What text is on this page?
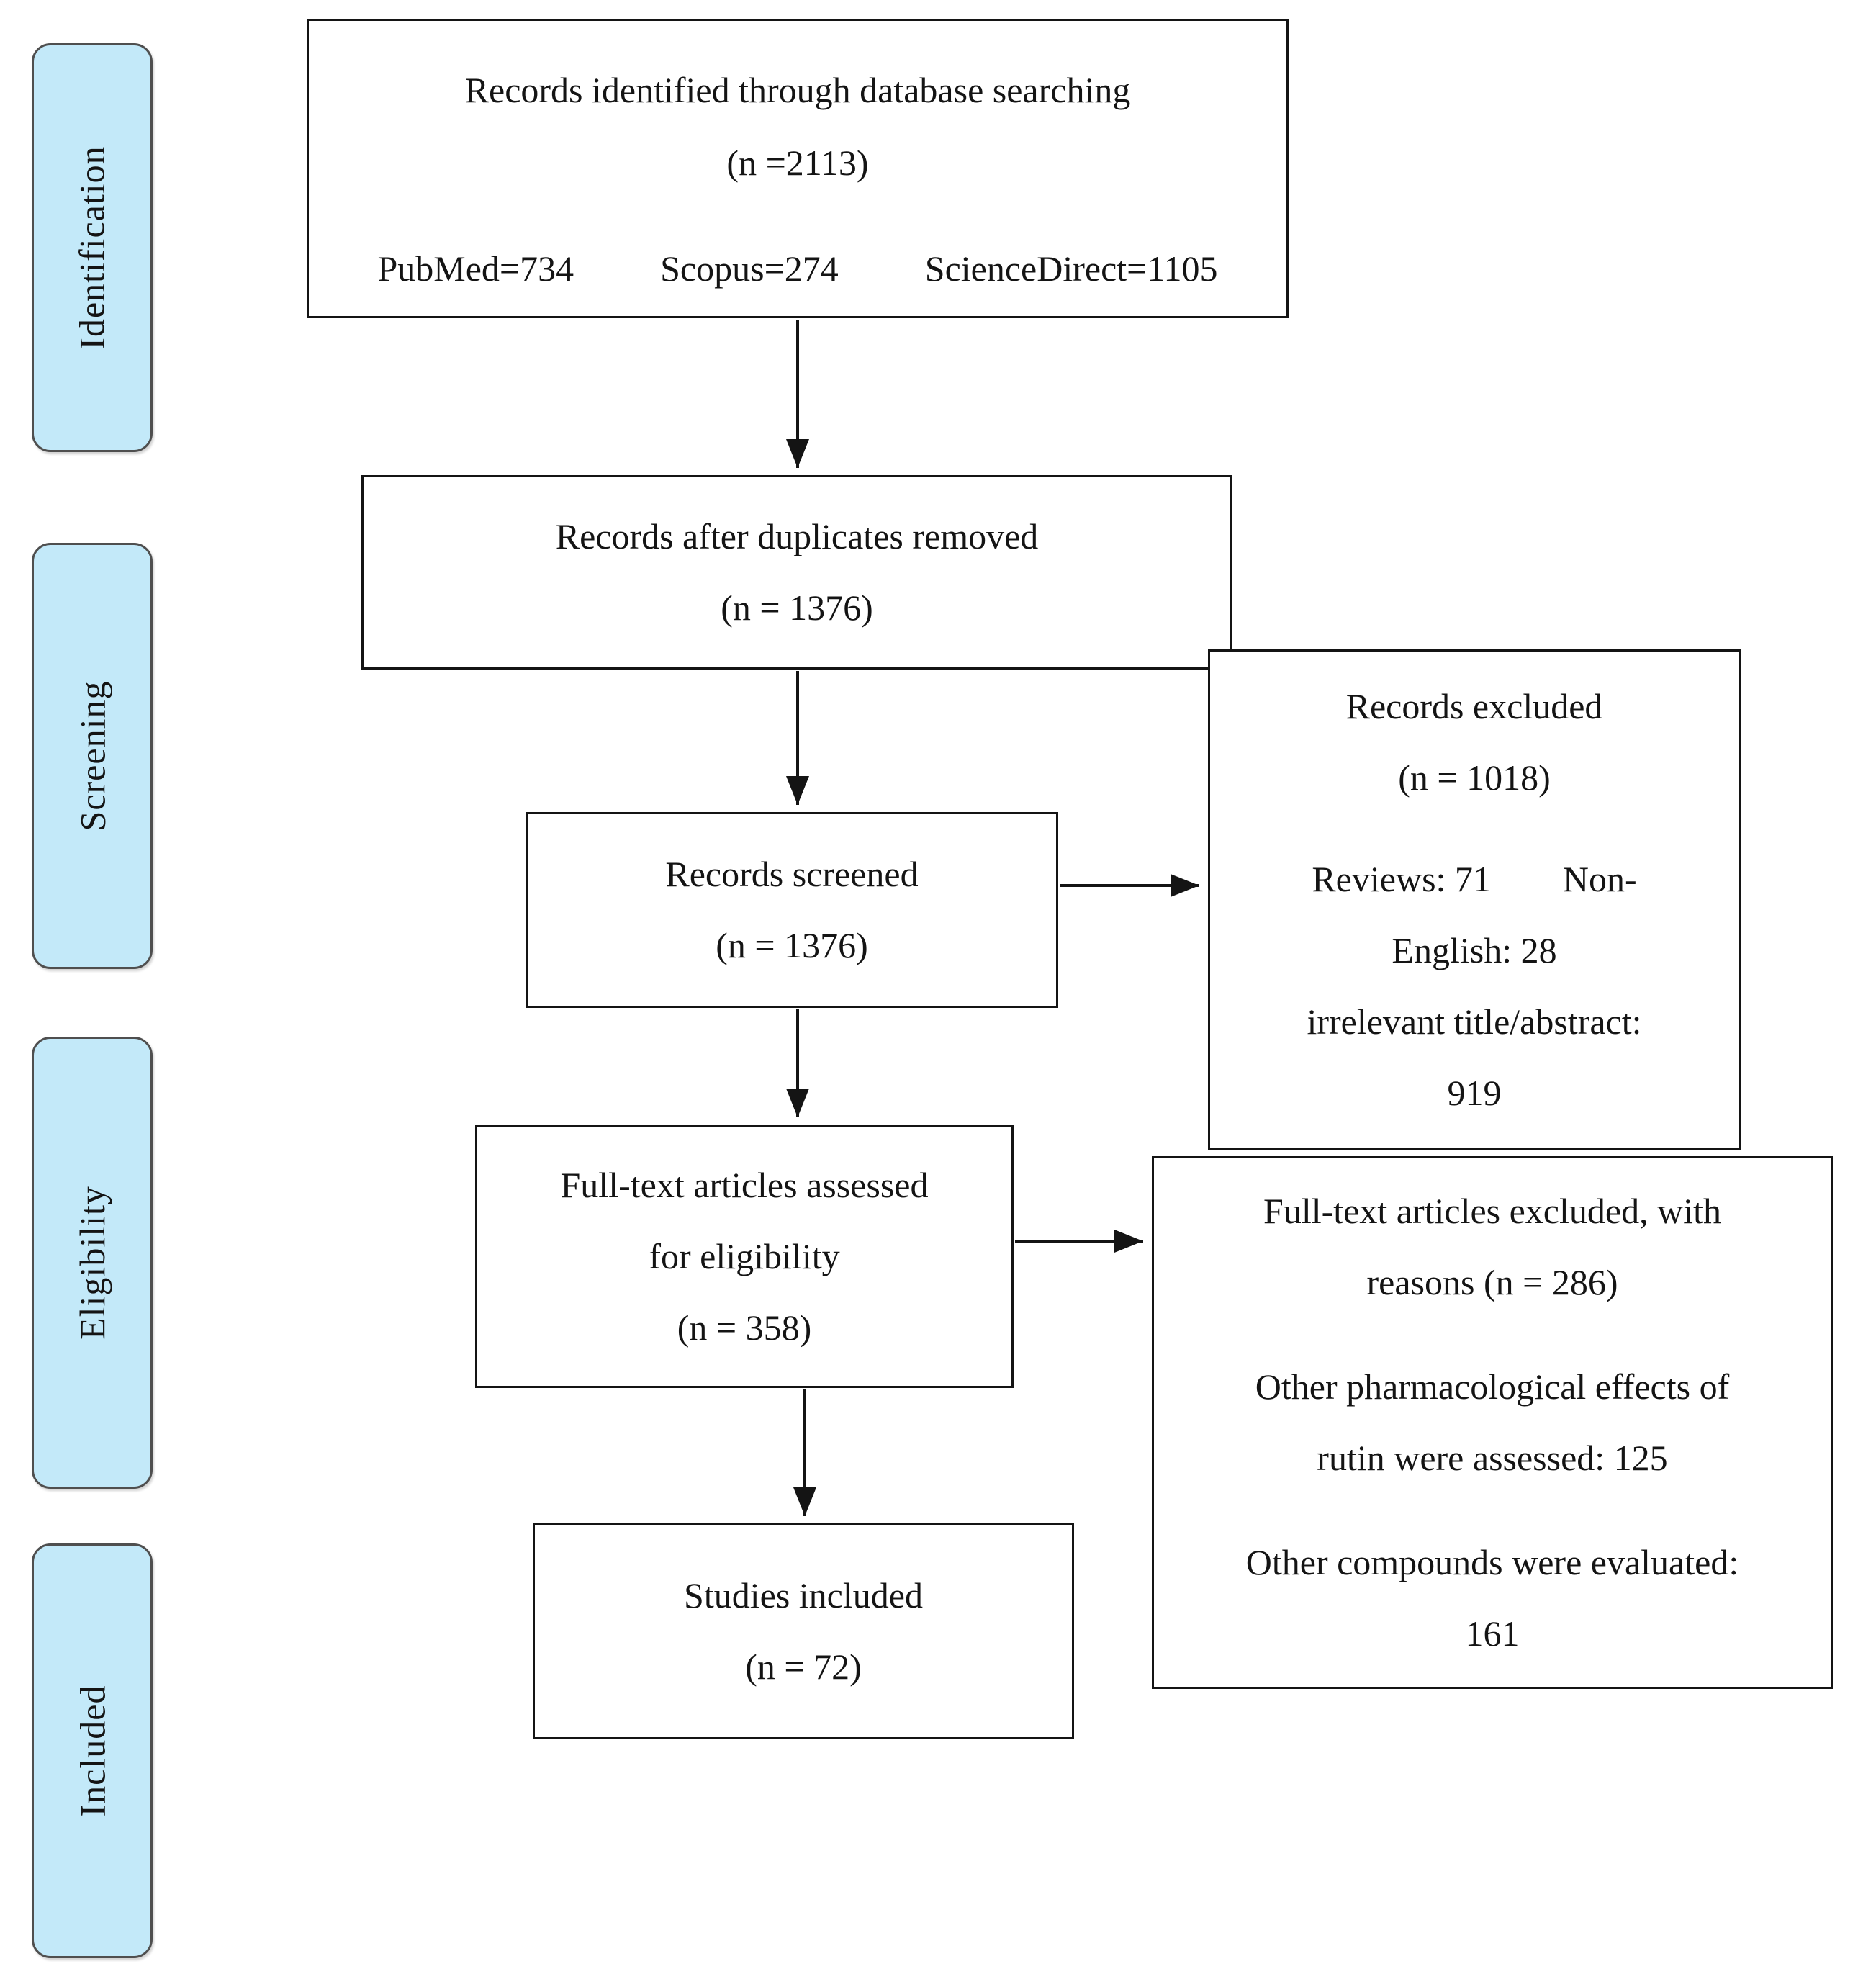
Identification
Screening
Eligibility
Included
Records identified through database searching
(n =2113)
PubMed=734 Scopus=274 ScienceDirect=1105
Records after duplicates removed
(n = 1376)
Records screened
(n = 1376)
Records excluded
(n = 1018)
Reviews: 71        Non-
English: 28
irrelevant title/abstract:
919
Full-text articles assessed
for eligibility
(n = 358)
Full-text articles excluded, with
reasons (n = 286)
Other pharmacological effects of
rutin were assessed: 125
Other compounds were evaluated:
161
Studies included
(n = 72)
